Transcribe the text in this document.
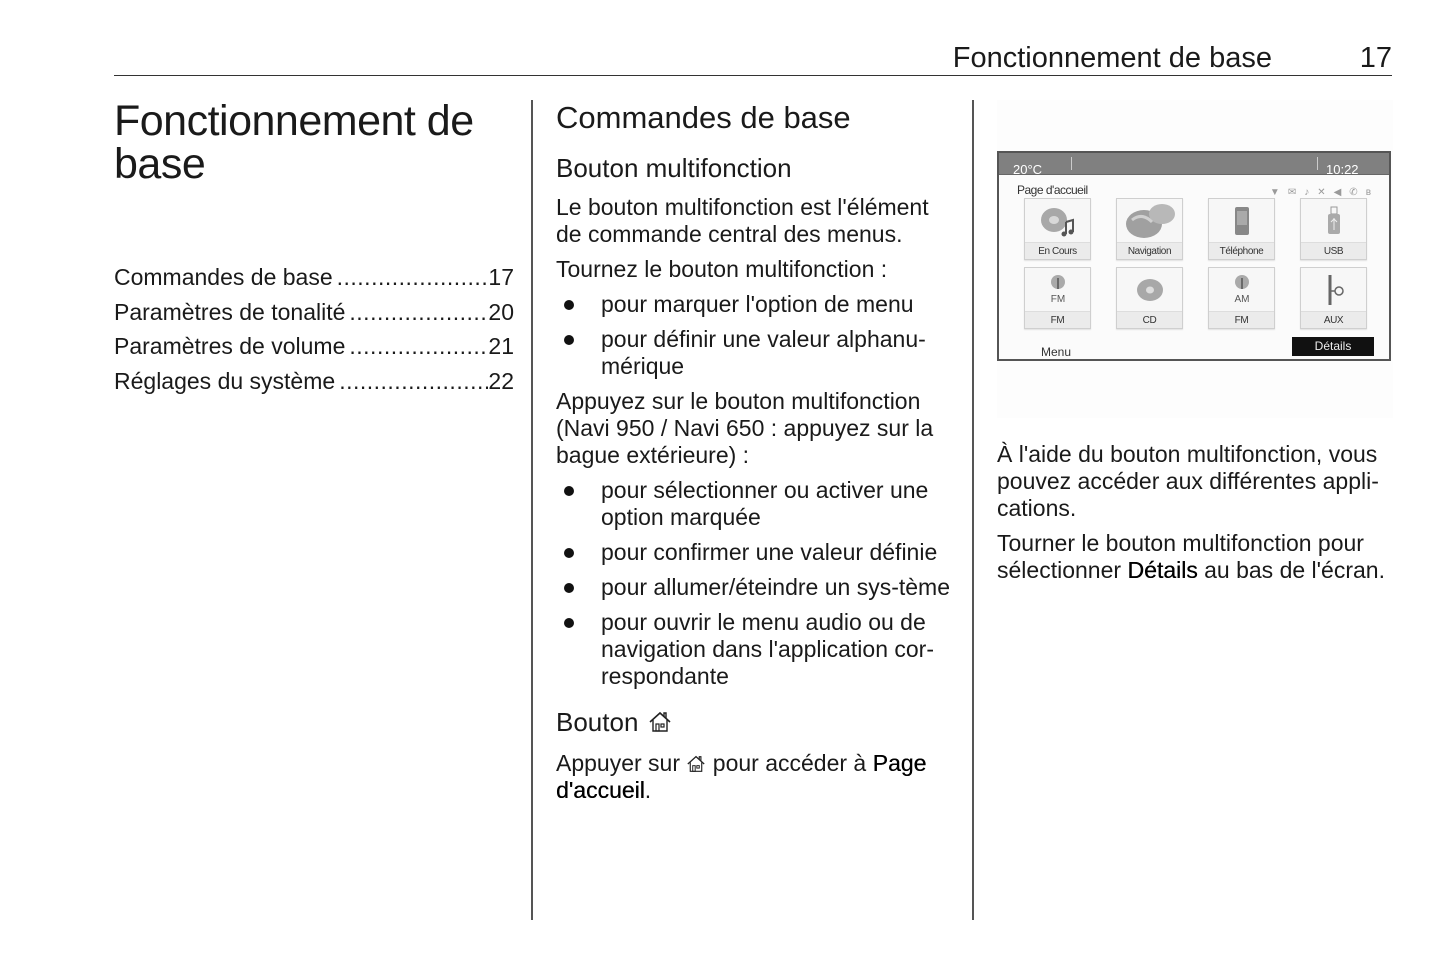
Fonctionnement de base	17
Fonctionnement de
base
Commandes de base .....	17
Paramètres de tonalité .....	20
Paramètres de volume .....	21
Réglages du système .....	22
Commandes de base
Bouton multifonction

Le bouton multifonction est l'élément de commande central des menus.

Tournez le bouton multifonction :

pour marquer l'option de menu
pour définir une valeur alphanu-mérique

Appuyez sur le bouton multifonction (Navi 950 / Navi 650 : appuyez sur la bague extérieure) :

pour sélectionner ou activer une option marquée
pour confirmer une valeur définie
pour allumer/éteindre un sys-tème
pour ouvrir le menu audio ou de navigation dans l'application cor-respondante
Bouton

Appuyer sur pour accéder à Page d'accueil.

20°C	10:22
Page d'accueil	▼ ✉ ♪ ✕ ◀ ✆ ʙ
En Cours	Navigation	Téléphone	USB
FM
FM	CD
AM
FM	AUX
Menu	Détails

À l'aide du bouton multifonction, vous pouvez accéder aux différentes appli-cations.

Tourner le bouton multifonction pour sélectionner Détails au bas de l'écran.
